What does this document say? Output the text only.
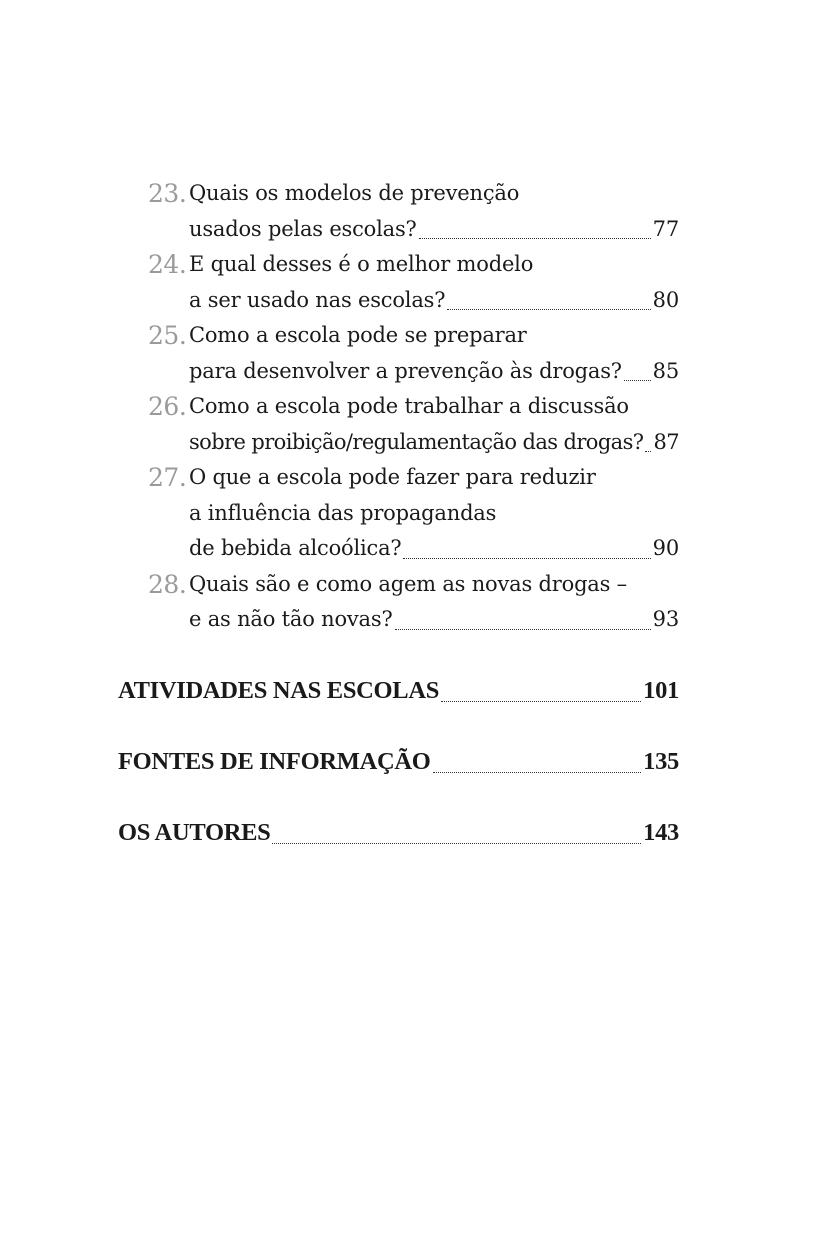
23. Quais os modelos de prevenção
usados pelas escolas?	77
24. E qual desses é o melhor modelo
a ser usado nas escolas?	80
25. Como a escola pode se preparar
para desenvolver a prevenção às drogas? 85
26. Como a escola pode trabalhar a discussão
sobre proibição/regulamentação das drogas? 87
27. O que a escola pode fazer para reduzir
a influência das propagandas
de bebida alcoólica?	90
28. Quais são e como agem as novas drogas –
e as não tão novas?	93
ATIVIDADES NAS ESCOLAS	101
FONTES DE INFORMAÇÃO	135
OS AUTORES	143
